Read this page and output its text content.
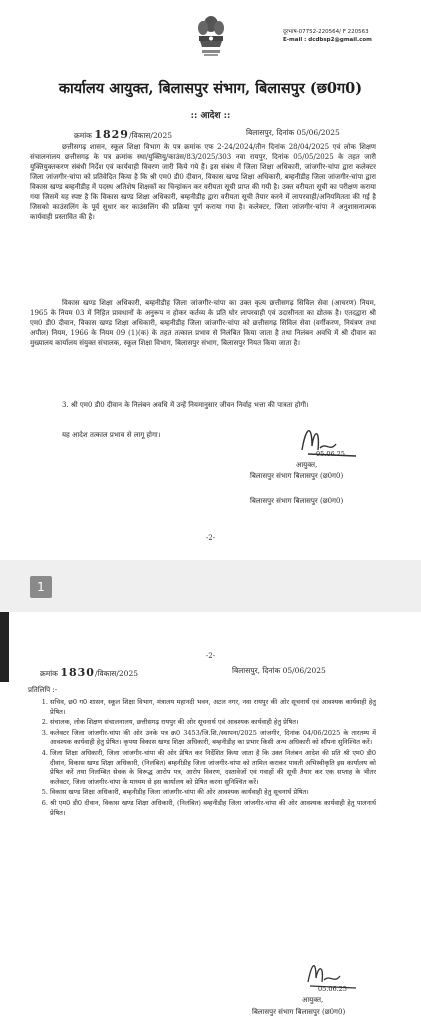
दूरभाष-07752-220564/ F 220563
E-mail : dcdbsp2@gmail.com
कार्यालय आयुक्त, बिलासपुर संभाग, बिलासपुर (छ0ग0)
:: आदेश ::
क्रमांक 1829/विकास/2025	बिलासपुर, दिनांक 05/06/2025
छत्तीसगढ़ शासन, स्कूल शिक्षा विभाग के पत्र क्रमांक एफ 2-24/2024/तीन दिनांक 28/04/2025 एवं लोक शिक्षण संचालनालय छत्तीसगढ़ के पत्र क्रमांक स्था/युक्तियु/काउंस/83/2025/303 नवा रायपुर, दिनांक 05/05/2025 के तहत जारी युक्तियुक्तकरण संबंधी निर्देश एवं कार्यवाही विवरण जारी किये गये हैं। इस संबंध में जिला शिक्षा अधिकारी, जांजगीर-चांपा द्वारा कलेक्टर जिला जांजगीर-चांपा को प्रतिवेदित किया है कि श्री एम0 डी0 दीवान, विकास खण्ड शिक्षा अधिकारी, बम्हनीडीह जिला जांजगीर-चांपा द्वारा विकास खण्ड बम्हनीडीह में पदस्थ अतिशेष शिक्षकों का चिन्हांकन कर वरीयता सूची प्राप्त की गयी है। उक्त वरीयता सूची का परीक्षण कराया गया जिसमें यह स्पष्ट है कि विकास खण्ड शिक्षा अधिकारी, बम्हनीडीह द्वारा वरीयता सूची तैयार करने में लापरवाही/अनियमितता की गई है जिसको काउंसलिंग के पूर्व सुधार कर काउंसलिंग की प्रक्रिया पूर्ण कराया गया है। कलेक्टर, जिला जांजगीर-चांपा ने अनुशासनात्मक कार्यवाही प्रस्तावित की है।
विकास खण्ड शिक्षा अधिकारी, बम्हनीडीह जिला जांजगीर-चांपा का उक्त कृत्य छत्तीसगढ़ सिविल सेवा (आचरण) नियम, 1965 के नियम 03 में निहित प्रावधानों के अनुरूप न होकर कर्तव्य के प्रति घोर लापरवाही एवं उदासीनता का द्योतक है। एतदद्वारा श्री एम0 डी0 दीवान, विकास खण्ड शिक्षा अधिकारी, बम्हनीडीह जिला जांजगीर-चांपा को छत्तीसगढ़ सिविल सेवा (वर्गीकरण, नियंत्रण तथा अपील) नियम, 1966 के नियम 09 (1)(क) के तहत तत्काल प्रभाव से निलंबित किया जाता है तथा निलंबन अवधि में श्री दीवान का मुख्यालय कार्यालय संयुक्त संचालक, स्कूल शिक्षा विभाग, बिलासपुर संभाग, बिलासपुर नियत किया जाता है।
3. श्री एम0 डी0 दीवान के निलंबन अवधि में उन्हें नियमानुसार जीवन निर्वाह भत्ता की पात्रता होगी।
यह आदेश तत्काल प्रभाव से लागू होगा।
05.06.25
आयुक्त,
बिलासपुर संभाग बिलासपुर (छ0ग0)
बिलासपुर संभाग बिलासपुर (छ0ग0)
-2-
1
-2-
क्रमांक 1830/विकास/2025	बिलासपुर, दिनांक 05/06/2025
प्रतिलिपि :-
1. सचिव, छ0 ग0 शासन, स्कूल शिक्षा विभाग, मंत्रालय महानदी भवन, अटल नगर, नवा रायपुर की ओर सूचनार्थ एवं आवश्यक कार्यवाही हेतु प्रेषित।
2. संचालक, लोक शिक्षण संचालनालय, छत्तीसगढ़ रायपुर की ओर सूचनार्थ एवं आवश्यक कार्यवाही हेतु प्रेषित।
3. कलेक्टर जिला जांजगीर-चांपा की ओर उनके पत्र क्र0 3453/जि.शि./स्थापना/2025 जांजगीर, दिनांक 04/06/2025 के तारतम्य में आवश्यक कार्यवाही हेतु प्रेषित। कृपया विकास खण्ड शिक्षा अधिकारी, बम्हनीडीह का प्रभार किसी अन्य अधिकारी को सौंपना सुनिश्चित करें।
4. जिला शिक्षा अधिकारी, जिला जांजगीर-चांपा की ओर प्रेषित कर निर्देशित किया जाता है कि उक्त निलंबन आदेश की प्रति श्री एम0 डी0 दीवान, विकास खण्ड शिक्षा अधिकारी, (निलंबित) बम्हनीडीह जिला जांजगीर-चांपा को तामिल कराकर पावती अभिस्वीकृति इस कार्यालय को प्रेषित करें तथा निलम्बित सेवक के विरूद्ध आरोप पत्र, आरोप विवरण, दस्तावेजों एवं गवाहों की सूची तैयार कर एक सप्ताह के भीतर कलेक्टर, जिला जांजगीर-चांपा के माध्यम से इस कार्यालय को प्रेषित करना सुनिश्चित करें।
5. विकास खण्ड शिक्षा अधिकारी, बम्हनीडीह जिला जांजगीर-चांपा की ओर आवश्यक कार्यवाही हेतु सूचनार्थ प्रेषित।
6. श्री एम0 डी0 दीवान, विकास खण्ड शिक्षा अधिकारी, (निलंबित) बम्हनीडीह जिला जांजगीर-चांपा की ओर आवश्यक कार्यवाही हेतु पालनार्थ प्रेषित।
05.06.25
आयुक्त,
बिलासपुर संभाग बिलासपुर (छ0ग0)
